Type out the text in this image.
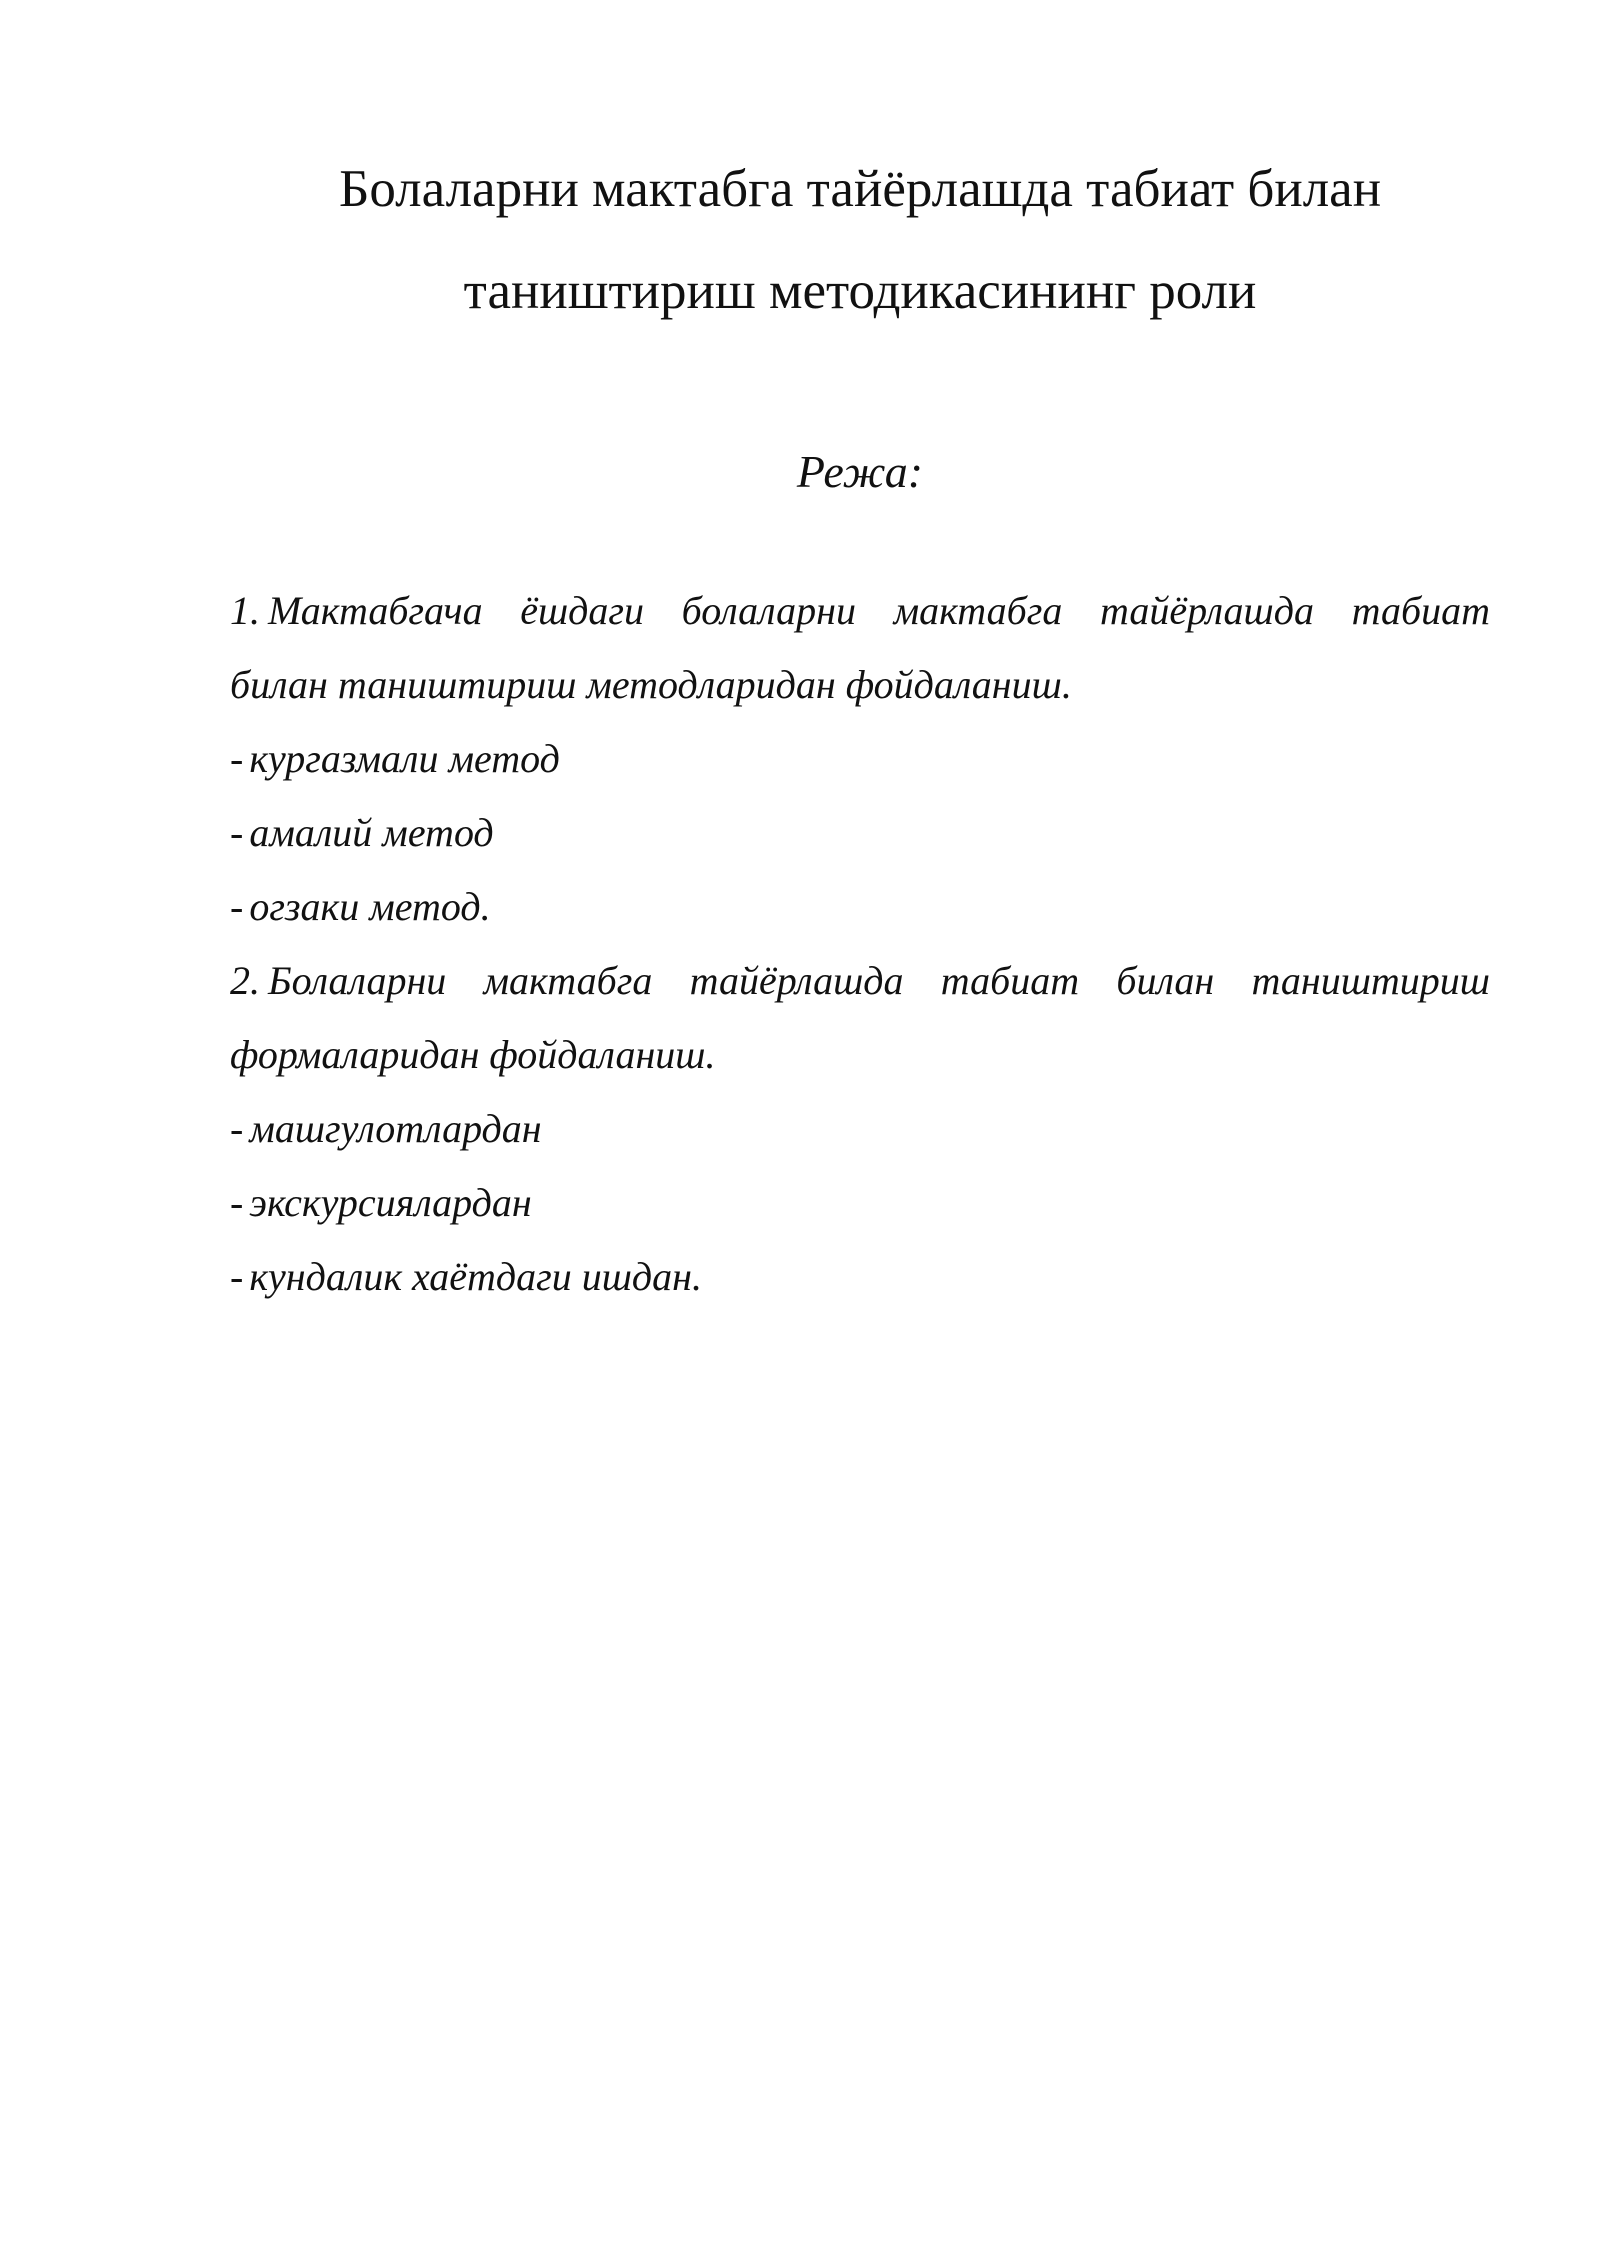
Болаларни мактабга тайёрлашда табиат билан
таништириш методикасининг роли
Режа:
1. Мактабгача ёшдаги болаларни мактабга тайёрлашда табиат
билан таништириш методларидан фойдаланиш.
- кургазмали метод
- амалий метод
- огзаки метод.
2. Болаларни мактабга тайёрлашда табиат билан таништириш
формаларидан фойдаланиш.
- машгулотлардан
- экскурсиялардан
- кундалик хаётдаги ишдан.
